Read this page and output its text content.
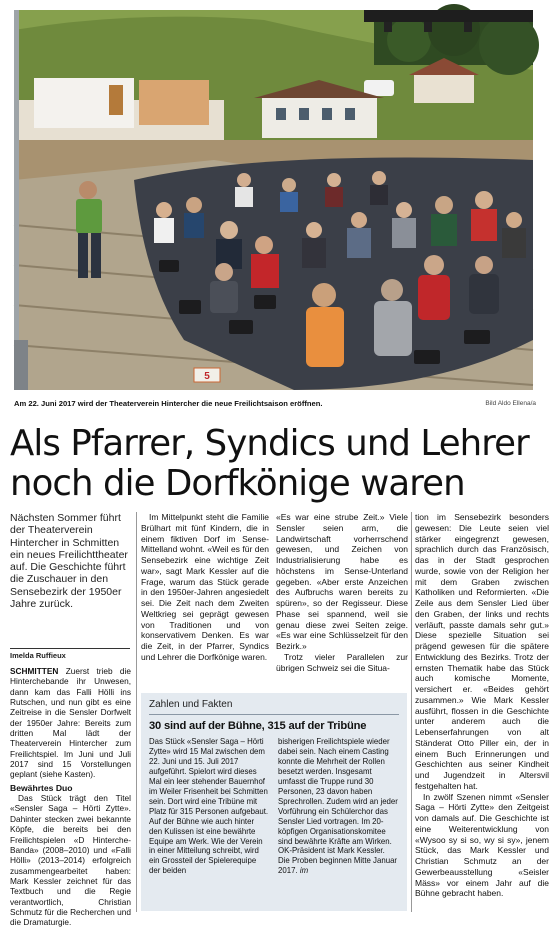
5
Am 22. Juni 2017 wird der Theaterverein Hintercher die neue Freilichtsaison eröffnen.	Bild Aldo Ellena/a
Als Pfarrer, Syndics und Lehrer
noch die Dorfkönige waren
Nächsten Sommer führt der Theaterverein Hintercher in Schmitten ein neues Freilichttheater auf. Die Geschichte führt die Zuschauer in den Sensebezirk der 1950er Jahre zurück.
Imelda Ruffieux

SCHMITTEN Zuerst trieb die Hinterchebande ihr Unwesen, dann kam das Falli Hölli ins Rutschen, und nun gibt es eine Zeitreise in die Sensler Dorfwelt der 1950er Jahre: Bereits zum dritten Mal lädt der Theaterverein Hintercher zum Freilichtspiel. Im Juni und Juli 2017 sind 15 Vorstellungen geplant (siehe Kasten).

Bewährtes Duo

Das Stück trägt den Titel «Sensler Saga – Hörti Zytte». Dahinter stecken zwei bekannte Köpfe, die bereits bei den Freilichtspielen «D Hinterche-Banda» (2008–2010) und «Falli Hölli» (2013–2014) erfolgreich zusammengearbeitet haben: Mark Kessler zeichnet für das Textbuch und die Regie verantwortlich, Christian Schmutz für die Recherchen und die Dramaturgie.

Im Mittelpunkt steht die Familie Brülhart mit fünf Kindern, die in einem fiktiven Dorf im Sense-Mittelland wohnt. «Weil es für den Sensebezirk eine wichtige Zeit war», sagt Mark Kessler auf die Frage, warum das Stück gerade in den 1950er-Jahren angesiedelt sei. Die Zeit nach dem Zweiten Weltkrieg sei geprägt gewesen von Traditionen und von konservativem Denken. Es war die Zeit, in der Pfarrer, Syndics und Lehrer die Dorfkönige waren.

«Es war eine strube Zeit.» Viele Sensler seien arm, die Landwirtschaft vorherrschend gewesen, und Zeichen von Industrialisierung habe es höchstens im Sense-Unterland gegeben. «Aber erste Anzeichen des Aufbruchs waren bereits zu spüren», so der Regisseur. Diese Phase sei spannend, weil sie genau diese zwei Seiten zeige. «Es war eine Schlüsselzeit für den Bezirk.»

Trotz vieler Parallelen zur übrigen Schweiz sei die Situa-

tion im Sensebezirk besonders gewesen: Die Leute seien viel stärker eingegrenzt gewesen, sprachlich durch das Französisch, das in der Stadt gesprochen wurde, sowie von der Religion her mit dem Graben zwischen Katholiken und Reformierten. «Die Zeile aus dem Sensler Lied über den Graben, der links und rechts verläuft, passte damals sehr gut.» Diese spezielle Situation sei prägend gewesen für die spätere Entwicklung des Bezirks. Trotz der ernsten Thematik habe das Stück auch komische Momente, versichert er. «Beides gehört zusammen.» Wie Mark Kessler ausführt, flossen in die Geschichte unter anderem auch die Lebenserfahrungen von alt Ständerat Otto Piller ein, der in einem Buch Erinnerungen und Geschichten aus seiner Kindheit und Jugendzeit in Altersvil festgehalten hat.

In zwölf Szenen nimmt «Sensler Saga – Hörti Zytte» den Zeitgeist von damals auf. Die Geschichte ist eine Weiterentwicklung von «Wysoo sy si so, wy si sy», jenem Stück, das Mark Kessler und Christian Schmutz an der Gewerbeausstellung «Seisler Mäss» vor einem Jahr auf die Bühne gebracht haben.

Zahlen und Fakten
30 sind auf der Bühne, 315 auf der Tribüne
Das Stück «Sensler Saga – Hörti Zytte» wird 15 Mal zwischen dem 22. Juni und 15. Juli 2017 aufgeführt. Spielort wird dieses Mal ein leer stehender Bauernhof im Weiler Frisenheit bei Schmitten sein. Dort wird eine Tribüne mit Platz für 315 Personen aufgebaut. Auf der Bühne wie auch hinter den Kulissen ist eine bewährte Equipe am Werk. Wie der Verein in einer Mitteilung schreibt, wird ein Grossteil der Spielerequipe der beiden
bisherigen Freilichtspiele wieder dabei sein. Nach einem Casting konnte die Mehrheit der Rollen besetzt werden. Insgesamt umfasst die Truppe rund 30 Personen, 23 davon haben Sprechrollen. Zudem wird an jeder Vorführung ein Schülerchor das Sensler Lied vortragen. Im 20-köpfigen Organisationskomitee sind bewährte Kräfte am Wirken. OK-Präsident ist Mark Kessler. Die Proben beginnen Mitte Januar 2017. im
